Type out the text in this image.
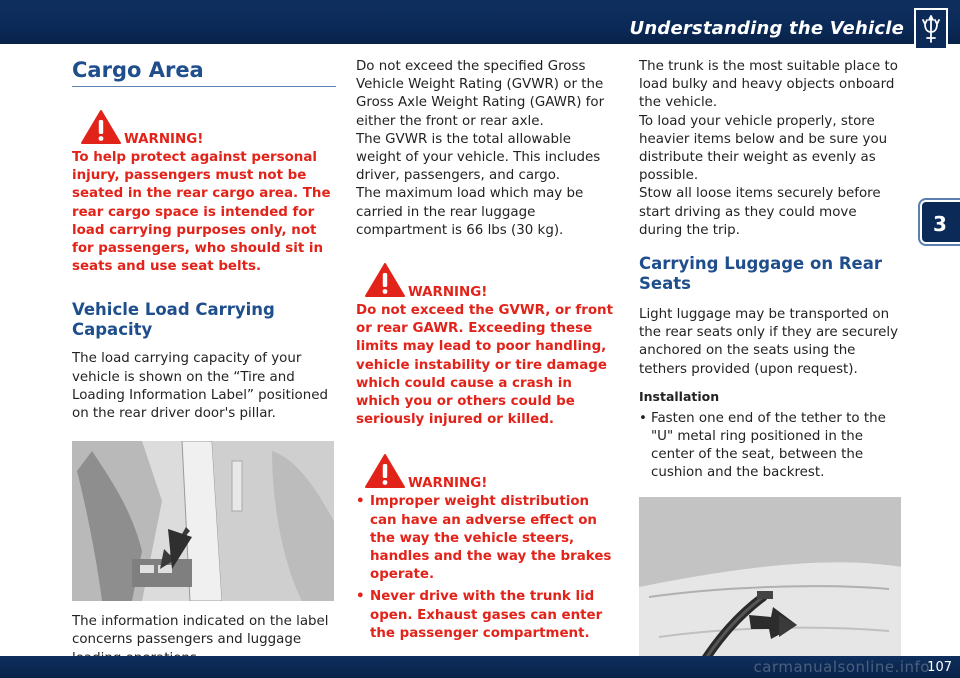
Understanding the Vehicle
3
Cargo Area
WARNING!
To help protect against personal injury, passengers must not be seated in the rear cargo area. The rear cargo space is intended for load carrying purposes only, not for passengers, who should sit in seats and use seat belts.
Vehicle Load Carrying Capacity
The load carrying capacity of your vehicle is shown on the “Tire and Loading Information Label” positioned on the rear driver door's pillar.
The information indicated on the label concerns passengers and luggage
Do not exceed the specified Gross Vehicle Weight Rating (GVWR) or the Gross Axle Weight Rating (GAWR) for either the front or rear axle.
The GVWR is the total allowable weight of your vehicle. This includes driver, passengers, and cargo.
The maximum load which may be carried in the rear luggage compartment is 66 lbs (30 kg).
WARNING!
Do not exceed the GVWR, or front or rear GAWR. Exceeding these limits may lead to poor handling, vehicle instability or tire damage which could cause a crash in which you or others could be seriously injured or killed.
WARNING!
• Improper weight distribution can have an adverse effect on the way the vehicle steers, handles and the way the brakes operate.
• Never drive with the trunk lid open. Exhaust gases can enter the passenger compartment.
The trunk is the most suitable place to load bulky and heavy objects onboard the vehicle.
To load your vehicle properly, store heavier items below and be sure you distribute their weight as evenly as possible.
Stow all loose items securely before start driving as they could move during the trip.
Carrying Luggage on Rear Seats
Light luggage may be transported on the rear seats only if they are securely anchored on the seats using the tethers provided (upon request).
Installation
• Fasten one end of the tether to the "U" metal ring positioned in the center of the seat, between the cushion and the backrest.
carmanualsonline.info
107
